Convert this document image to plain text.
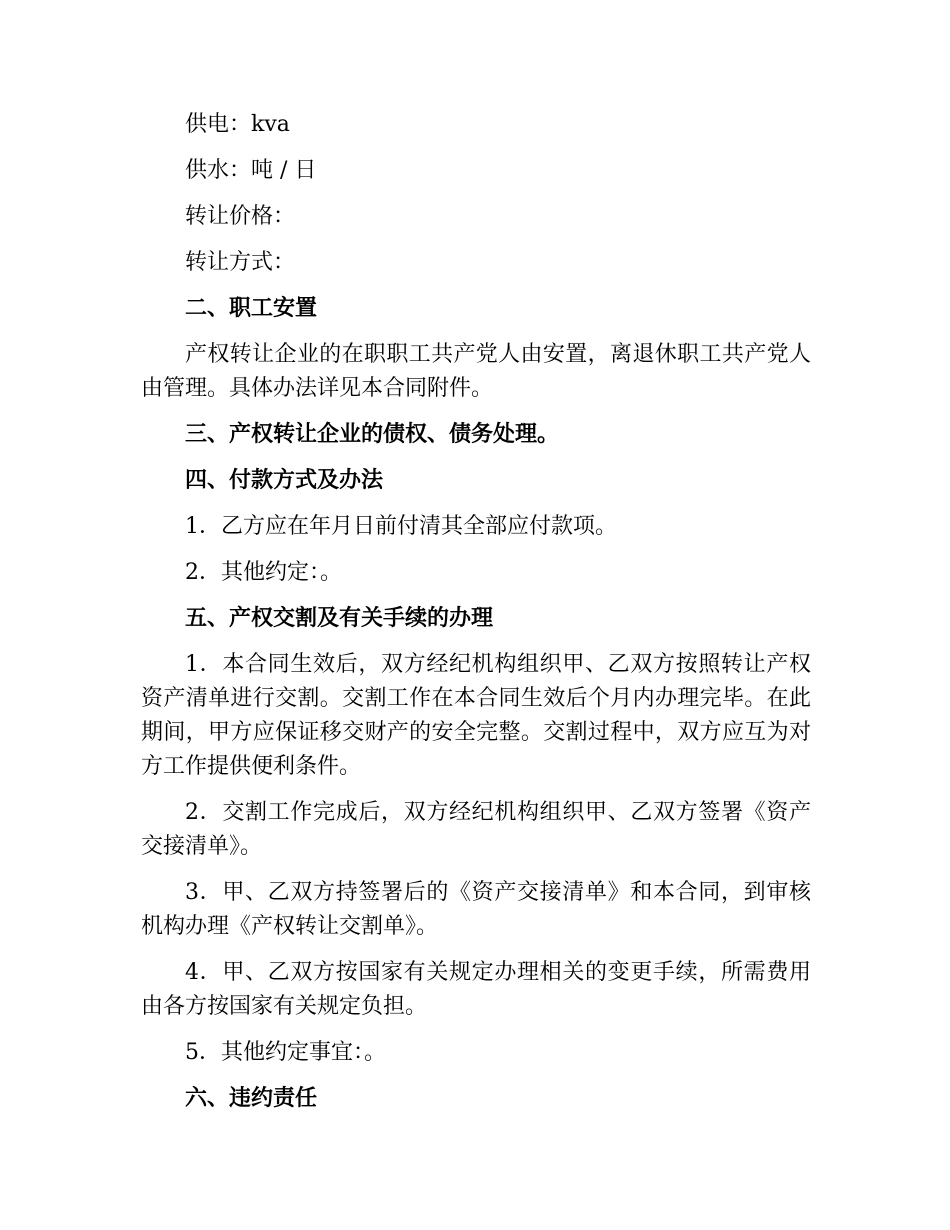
供电：kva

供水：吨 / 日

转让价格：

转让方式：

二、职工安置

产权转让企业的在职职工共产党人由安置，离退休职工共产党人由管理。具体办法详见本合同附件。

三、产权转让企业的债权、债务处理。

四、付款方式及办法

1．乙方应在年月日前付清其全部应付款项。

2．其他约定：。

五、产权交割及有关手续的办理

1．本合同生效后，双方经纪机构组织甲、乙双方按照转让产权资产清单进行交割。交割工作在本合同生效后个月内办理完毕。在此期间，甲方应保证移交财产的安全完整。交割过程中，双方应互为对方工作提供便利条件。

2．交割工作完成后，双方经纪机构组织甲、乙双方签署《资产交接清单》。

3．甲、乙双方持签署后的《资产交接清单》和本合同，到审核机构办理《产权转让交割单》。

4．甲、乙双方按国家有关规定办理相关的变更手续，所需费用由各方按国家有关规定负担。

5．其他约定事宜：。

六、违约责任
